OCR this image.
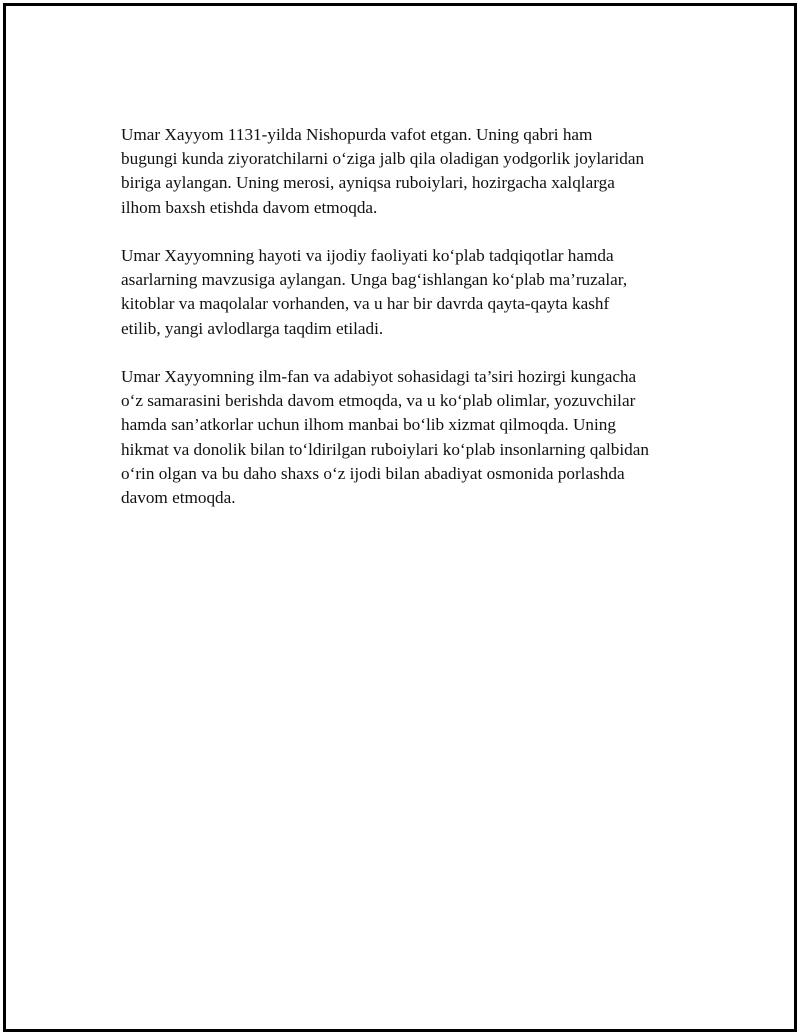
Umar Xayyom 1131-yilda Nishopurda vafot etgan. Uning qabri ham
bugungi kunda ziyoratchilarni o‘ziga jalb qila oladigan yodgorlik joylaridan
biriga aylangan. Uning merosi, ayniqsa ruboiylari, hozirgacha xalqlarga
ilhom baxsh etishda davom etmoqda.

Umar Xayyomning hayoti va ijodiy faoliyati ko‘plab tadqiqotlar hamda
asarlarning mavzusiga aylangan. Unga bag‘ishlangan ko‘plab ma’ruzalar,
kitoblar va maqolalar vorhanden, va u har bir davrda qayta-qayta kashf
etilib, yangi avlodlarga taqdim etiladi.

Umar Xayyomning ilm-fan va adabiyot sohasidagi ta’siri hozirgi kungacha
o‘z samarasini berishda davom etmoqda, va u ko‘plab olimlar, yozuvchilar
hamda san’atkorlar uchun ilhom manbai bo‘lib xizmat qilmoqda. Uning
hikmat va donolik bilan to‘ldirilgan ruboiylari ko‘plab insonlarning qalbidan
o‘rin olgan va bu daho shaxs o‘z ijodi bilan abadiyat osmonida porlashda
davom etmoqda.
